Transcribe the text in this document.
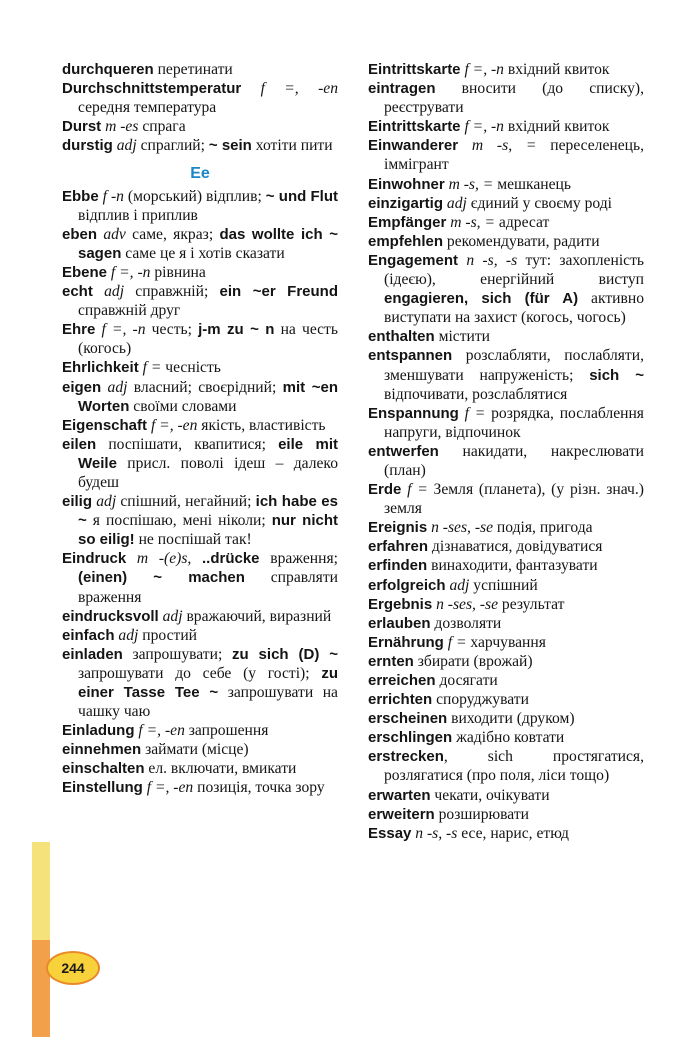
244

durchqueren перетинати

Durchschnittstemperatur f =, -en середня температура

Durst m -es спрага

durstig adj спраглий; ~ sein хотіти пити

Ee

Ebbe f -n (морський) відплив; ~ und Flut відплив і приплив

eben adv саме, якраз; das wollte ich ~ sagen саме це я і хотів сказати

Ebene f =, -n рівнина

echt adj справжній; ein ~er Freund справжній друг

Ehre f =, -n честь; j-m zu ~ n на честь (когось)

Ehrlichkeit f = чесність

eigen adj власний; своєрідний; mit ~en Worten своїми словами

Eigenschaft f =, -en якість, властивість

eilen поспішати, квапитися; eile mit Weile присл. поволі ідеш – далеко будеш

eilig adj спішний, негайний; ich habe es ~ я поспішаю, мені ніколи; nur nicht so eilig! не поспішай так!

Eindruck m -(e)s, ..drücke враження; (einen) ~ machen справляти враження

eindrucksvoll adj вражаючий, виразний

einfach adj простий

einladen запрошувати; zu sich (D) ~ запрошувати до себе (у гості); zu einer Tasse Tee ~ запрошувати на чашку чаю

Einladung f =, -en запрошення

einnehmen займати (місце)

einschalten ел. включати, вмикати

Einstellung f =, -en позиція, точка зору

Eintrittskarte f =, -n вхідний квиток

eintragen вносити (до списку), реєструвати

Eintrittskarte f =, -n вхідний квиток

Einwanderer m -s, = переселенець, іммігрант

Einwohner m -s, = мешканець

einzigartig adj єдиний у своєму роді

Empfänger m -s, = адресат

empfehlen рекомендувати, радити

Engagement n -s, -s тут: захопленість (ідеєю), енергійний виступ engagieren, sich (für A) активно виступати на захист (когось, чогось)

enthalten містити

entspannen розслабляти, послабляти, зменшувати напруженість; sich ~ відпочивати, розслаблятися

Enspannung f = розрядка, послаблення напруги, відпочинок

entwerfen накидати, накреслювати (план)

Erde f = Земля (планета), (у різн. знач.) земля

Ereignis n -ses, -se подія, пригода

erfahren дізнаватися, довідуватися

erfinden винаходити, фантазувати

erfolgreich adj успішний

Ergebnis n -ses, -se результат

erlauben дозволяти

Ernährung f = харчування

ernten збирати (врожай)

erreichen досягати

errichten споруджувати

erscheinen виходити (друком)

erschlingen жадібно ковтати

erstrecken, sich простягатися, розлягатися (про поля, ліси тощо)

erwarten чекати, очікувати

erweitern розширювати

Essay n -s, -s есе, нарис, етюд
